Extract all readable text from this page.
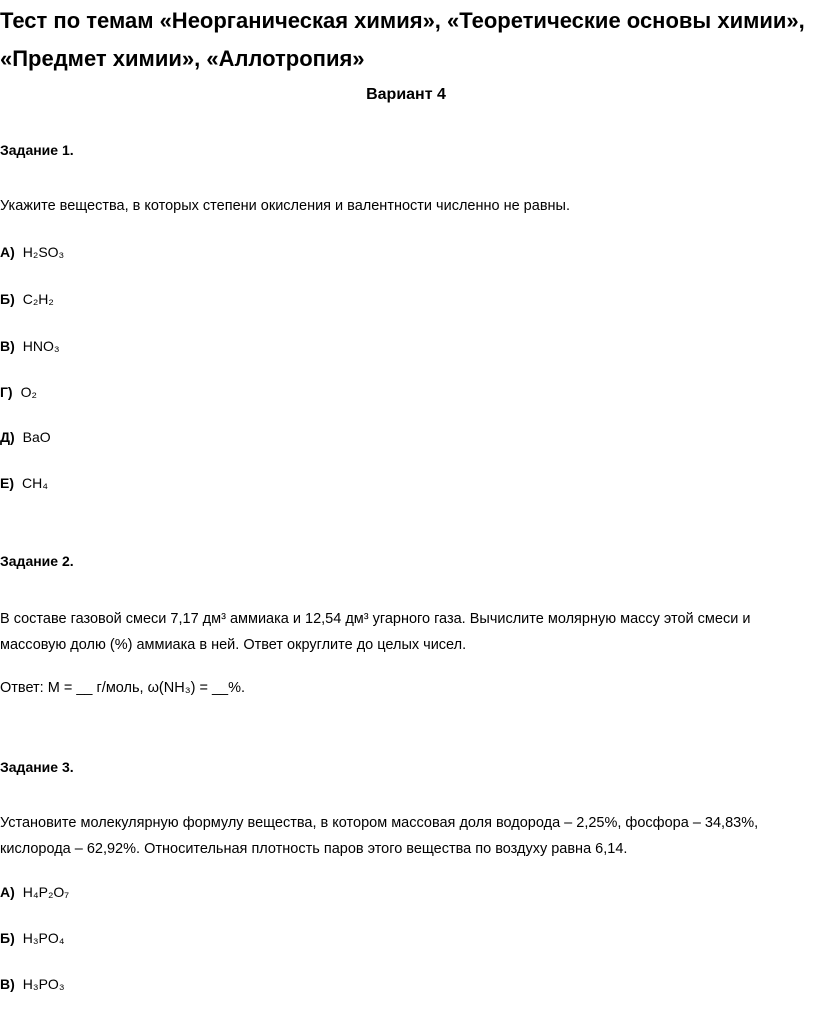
Тест по темам «Неорганическая химия», «Теоретические основы химии», «Предмет химии», «Аллотропия»

Вариант 4

Задание 1.

Укажите вещества, в которых степени окисления и валентности численно не равны.

А) H₂SO₃
Б) C₂H₂
В) HNO₃
Г) O₂
Д) BaO
Е) CH₄

Задание 2.

В составе газовой смеси 7,17 дм³ аммиака и 12,54 дм³ угарного газа. Вычислите молярную массу этой смеси и массовую долю (%) аммиака в ней. Ответ округлите до целых чисел.

Ответ: М = __ г/моль, ω(NH₃) = __%.

Задание 3.

Установите молекулярную формулу вещества, в котором массовая доля водорода – 2,25%, фосфора – 34,83%, кислорода – 62,92%. Относительная плотность паров этого вещества по воздуху равна 6,14.

А) H₄P₂O₇
Б) H₃PO₄
В) H₃PO₃
